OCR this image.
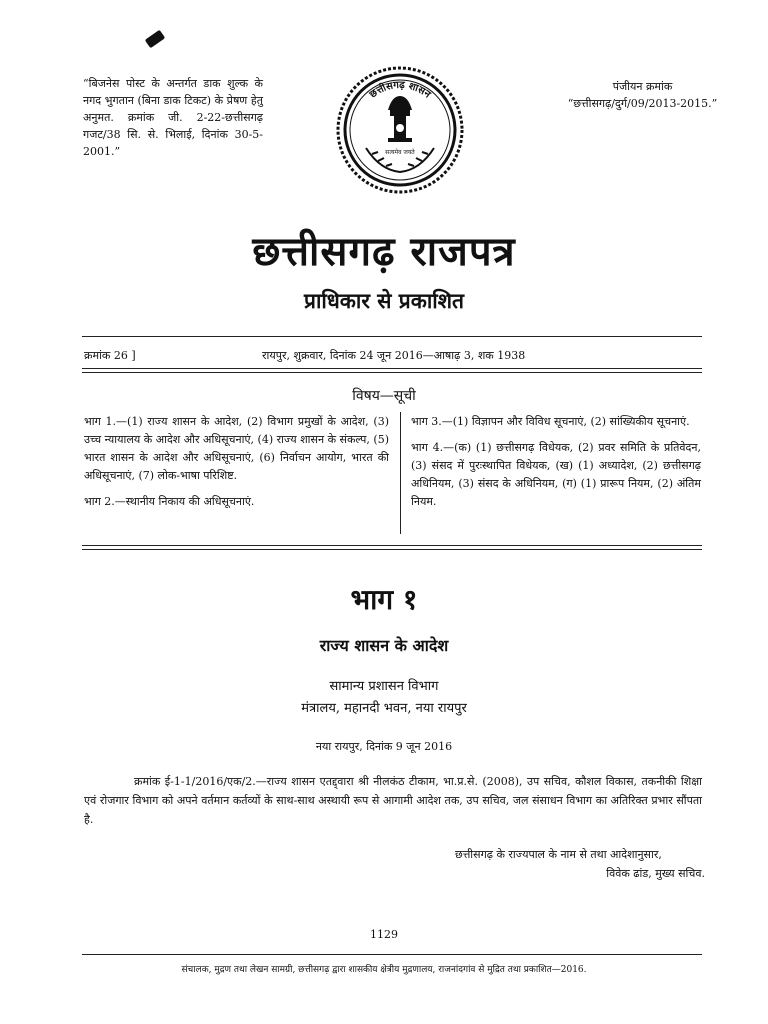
“बिजनेस पोस्ट के अन्तर्गत डाक शुल्क के नगद भुगतान (बिना डाक टिकट) के प्रेषण हेतु अनुमत. क्रमांक जी. 2-22-छत्तीसगढ़ गजट/38 सि. से. भिलाई, दिनांक 30-5-2001.”
पंजीयन क्रमांक
“छत्तीसगढ़/दुर्ग/09/2013-2015.”
छत्तीसगढ़ शासन
सत्यमेव जयते
छत्तीसगढ़ राजपत्र
प्राधिकार से प्रकाशित
क्रमांक 26 ]	रायपुर, शुक्रवार, दिनांक 24 जून 2016—आषाढ़ 3, शक 1938
विषय—सूची
भाग 1.—(1) राज्य शासन के आदेश, (2) विभाग प्रमुखों के आदेश, (3) उच्च न्यायालय के आदेश और अधिसूचनाएं, (4) राज्य शासन के संकल्प, (5) भारत शासन के आदेश और अधिसूचनाएं, (6) निर्वाचन आयोग, भारत की अधिसूचनाएं, (7) लोक-भाषा परिशिष्ट.
भाग 2.—स्थानीय निकाय की अधिसूचनाएं.
भाग 3.—(1) विज्ञापन और विविध सूचनाएं, (2) सांख्यिकीय सूचनाएं.
भाग 4.—(क) (1) छत्तीसगढ़ विधेयक, (2) प्रवर समिति के प्रतिवेदन, (3) संसद में पुरःस्थापित विधेयक, (ख) (1) अध्यादेश, (2) छत्तीसगढ़ अधिनियम, (3) संसद के अधिनियम, (ग) (1) प्रारूप नियम, (2) अंतिम नियम.
भाग १
राज्य शासन के आदेश
सामान्य प्रशासन विभाग
मंत्रालय, महानदी भवन, नया रायपुर
नया रायपुर, दिनांक 9 जून 2016
क्रमांक ई-1-1/2016/एक/2.—राज्य शासन एतद्द्वारा श्री नीलकंठ टीकाम, भा.प्र.से. (2008), उप सचिव, कौशल विकास, तकनीकी शिक्षा एवं रोजगार विभाग को अपने वर्तमान कर्तव्यों के साथ-साथ अस्थायी रूप से आगामी आदेश तक, उप सचिव, जल संसाधन विभाग का अतिरिक्त प्रभार सौंपता है.
छत्तीसगढ़ के राज्यपाल के नाम से तथा आदेशानुसार,
विवेक ढांड, मुख्य सचिव.
1129
संचालक, मुद्रण तथा लेखन सामग्री, छत्तीसगढ़ द्वारा शासकीय क्षेत्रीय मुद्रणालय, राजनांदगांव से मुद्रित तथा प्रकाशित—2016.
